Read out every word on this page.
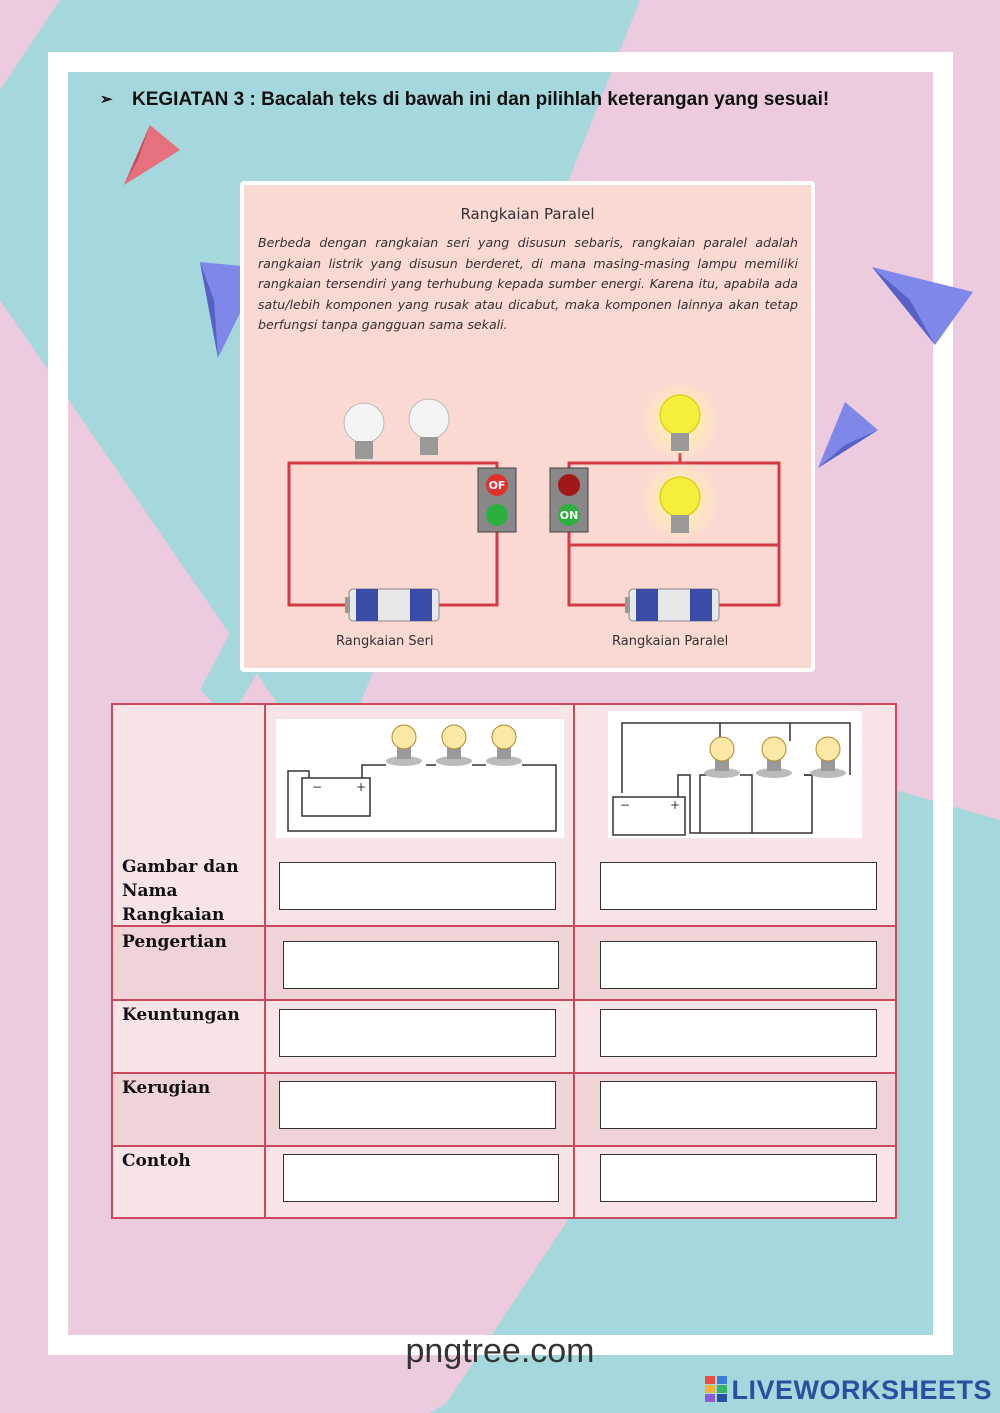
➢	KEGIATAN 3 : Bacalah teks di bawah ini dan pilihlah keterangan yang sesuai!
OF
ON
Rangkaian Paralel
Berbeda dengan rangkaian seri yang disusun sebaris, rangkaian paralel adalah rangkaian listrik yang disusun berderet, di mana masing-masing lampu memiliki rangkaian tersendiri yang terhubung kepada sumber energi. Karena itu, apabila ada satu/lebih komponen yang rusak atau dicabut, maka komponen lainnya akan tetap berfungsi tanpa gangguan sama sekali.
Rangkaian Seri	Rangkaian Paralel
Gambar dan Nama Rangkaian
Pengertian
Keuntungan
Kerugian
Contoh
−	+
−	+
pngtree.com
LIVEWORKSHEETS
